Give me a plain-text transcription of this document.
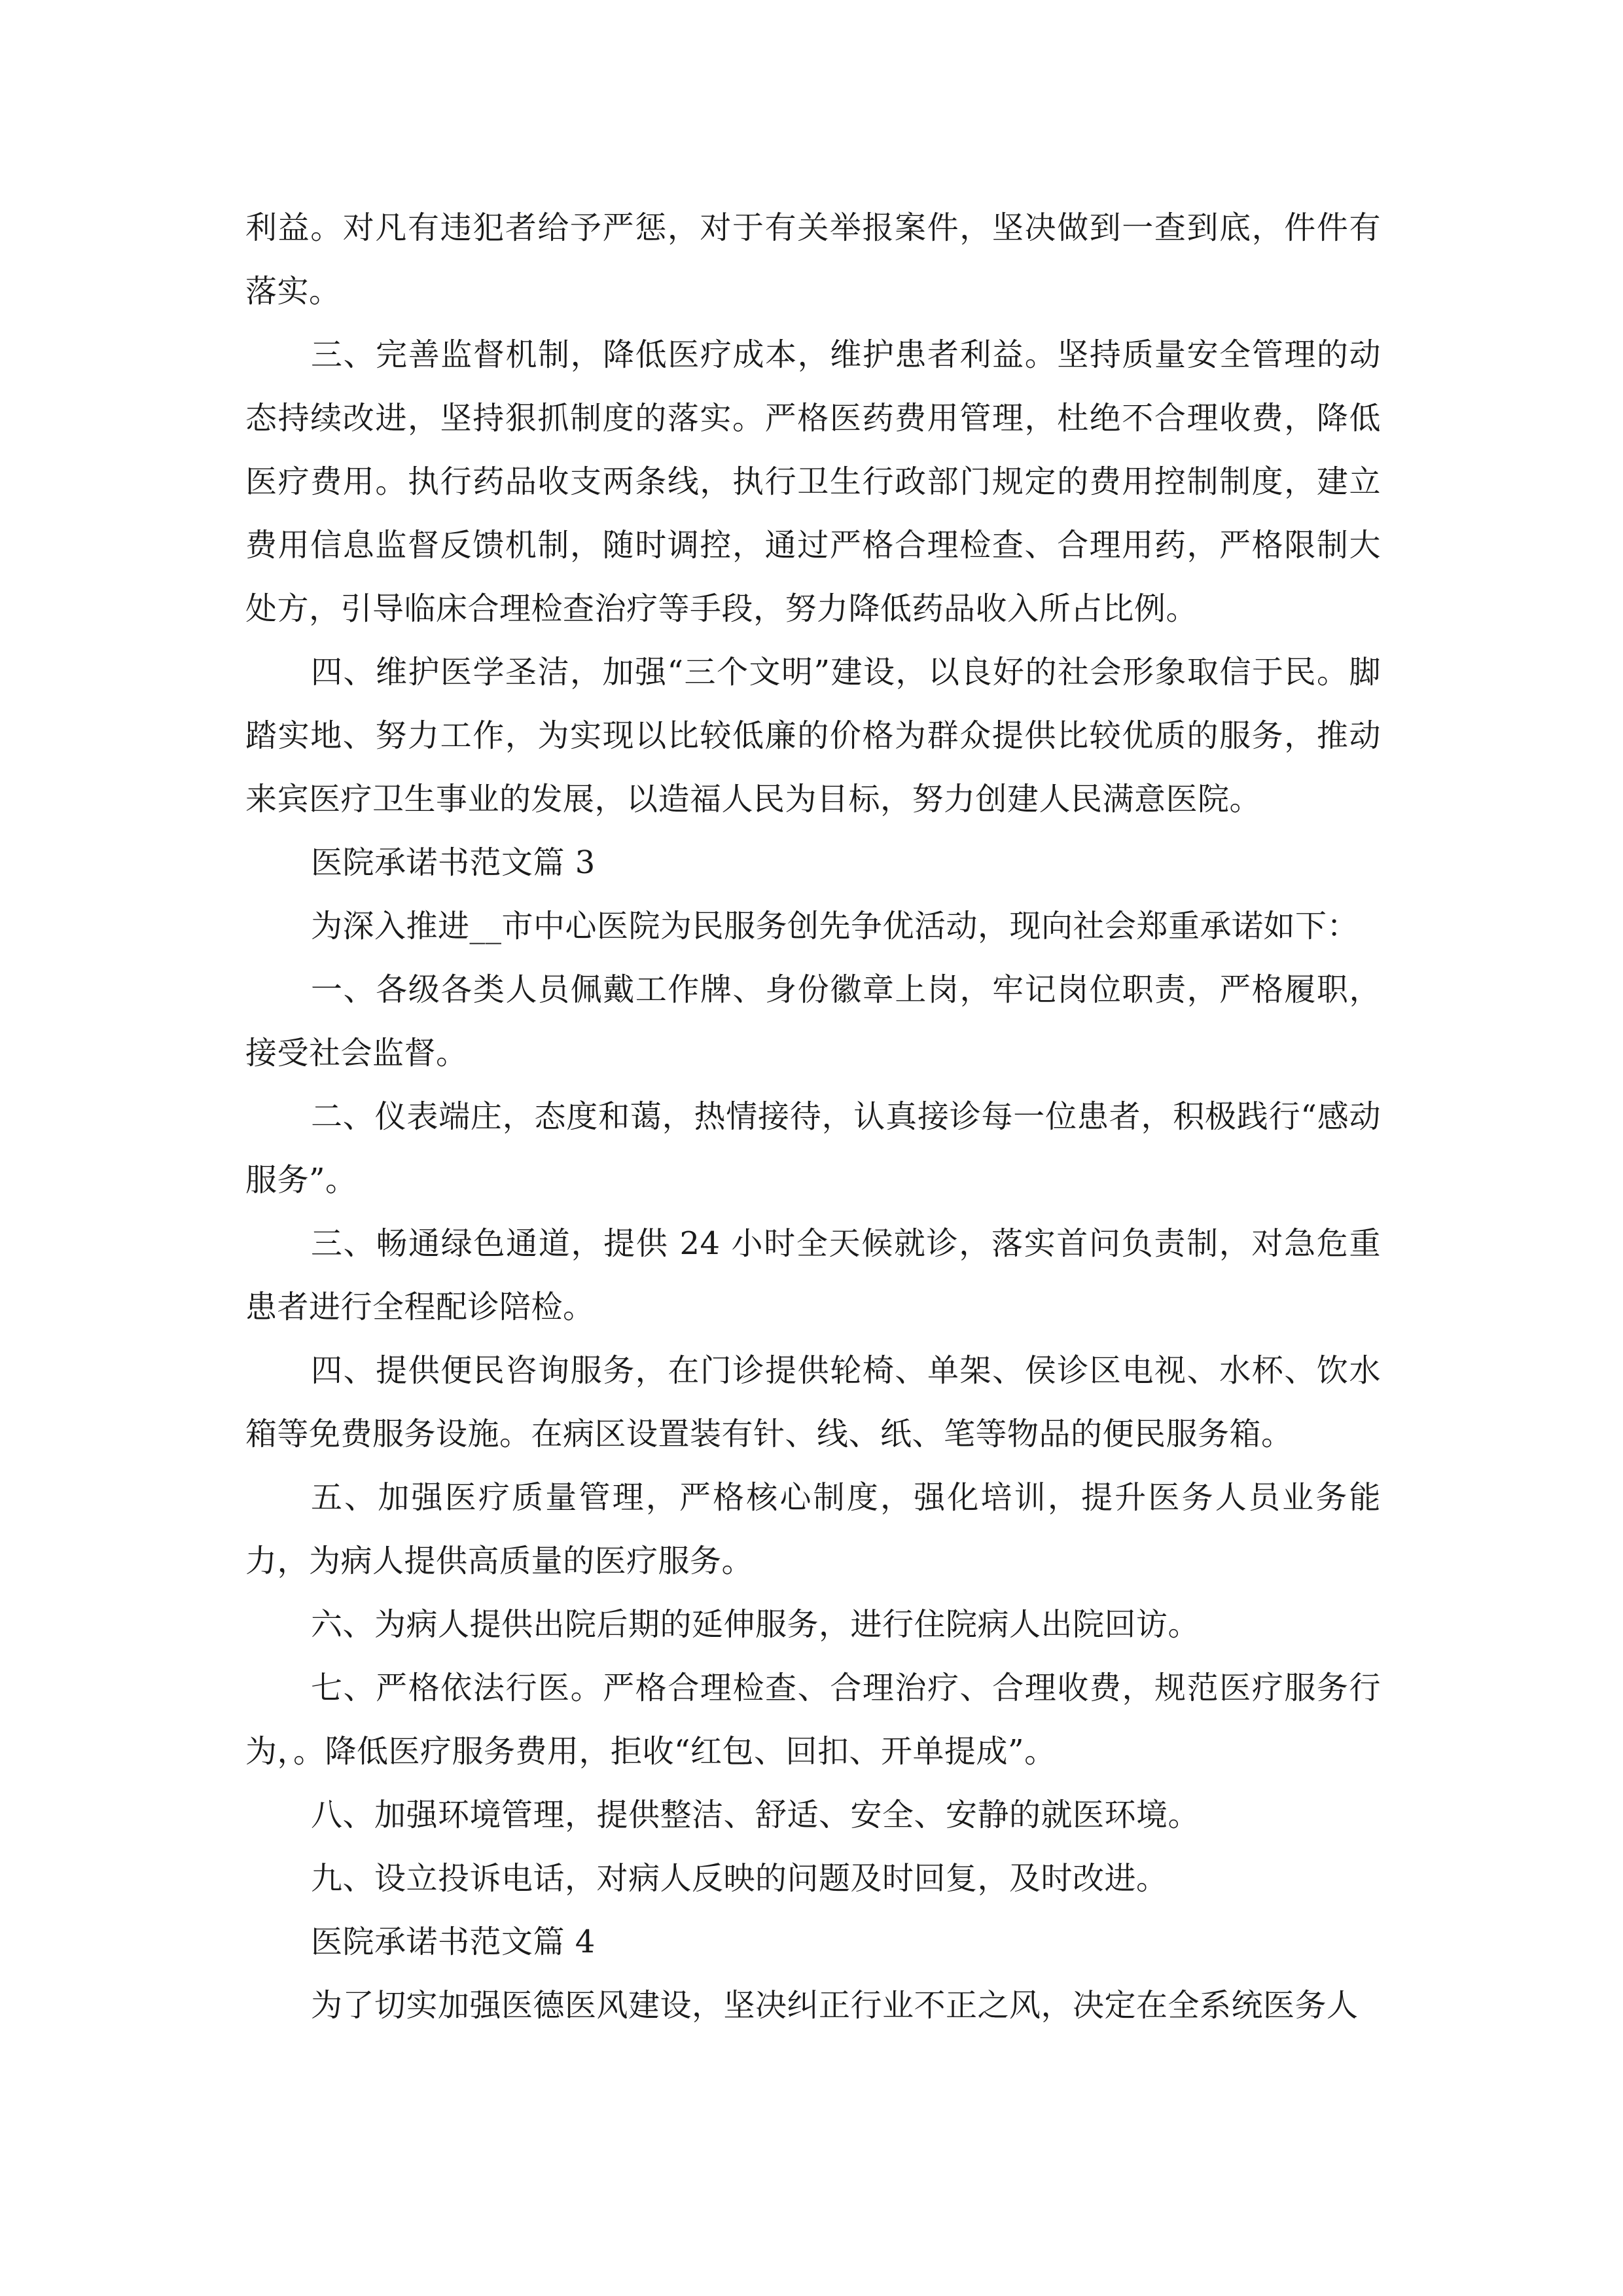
利益。对凡有违犯者给予严惩，对于有关举报案件，坚决做到一查到底，件件有落实。

三、完善监督机制，降低医疗成本，维护患者利益。坚持质量安全管理的动态持续改进，坚持狠抓制度的落实。严格医药费用管理，杜绝不合理收费，降低医疗费用。执行药品收支两条线，执行卫生行政部门规定的费用控制制度，建立费用信息监督反馈机制，随时调控，通过严格合理检查、合理用药，严格限制大处方，引导临床合理检查治疗等手段，努力降低药品收入所占比例。

四、维护医学圣洁，加强“三个文明”建设，以良好的社会形象取信于民。脚踏实地、努力工作，为实现以比较低廉的价格为群众提供比较优质的服务，推动来宾医疗卫生事业的发展，以造福人民为目标，努力创建人民满意医院。

医院承诺书范文篇 3

为深入推进__市中心医院为民服务创先争优活动，现向社会郑重承诺如下：

一、各级各类人员佩戴工作牌、身份徽章上岗，牢记岗位职责，严格履职，接受社会监督。

二、仪表端庄，态度和蔼，热情接待，认真接诊每一位患者，积极践行“感动服务”。

三、畅通绿色通道，提供 24 小时全天候就诊，落实首问负责制，对急危重患者进行全程配诊陪检。

四、提供便民咨询服务，在门诊提供轮椅、单架、侯诊区电视、水杯、饮水箱等免费服务设施。在病区设置装有针、线、纸、笔等物品的便民服务箱。

五、加强医疗质量管理，严格核心制度，强化培训，提升医务人员业务能力，为病人提供高质量的医疗服务。

六、为病人提供出院后期的延伸服务，进行住院病人出院回访。

七、严格依法行医。严格合理检查、合理治疗、合理收费，规范医疗服务行为，。降低医疗服务费用，拒收“红包、回扣、开单提成”。

八、加强环境管理，提供整洁、舒适、安全、安静的就医环境。

九、设立投诉电话，对病人反映的问题及时回复，及时改进。

医院承诺书范文篇 4

为了切实加强医德医风建设，坚决纠正行业不正之风，决定在全系统医务人
